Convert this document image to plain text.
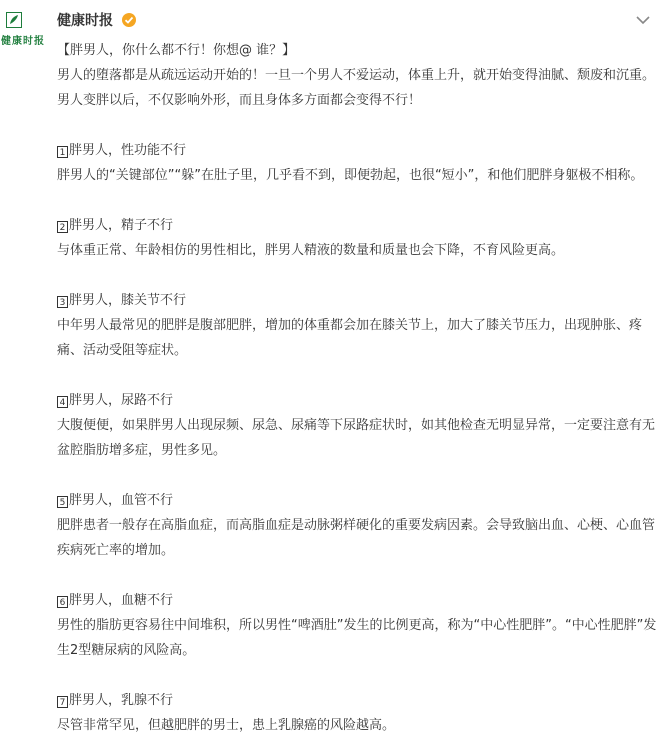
健康时报
健康时报

【胖男人，你什么都不行！你想@ 谁？】

男人的堕落都是从疏远运动开始的！一旦一个男人不爱运动，体重上升，就开始变得油腻、颓废和沉重。男人变胖以后，不仅影响外形，而且身体多方面都会变得不行！

1 胖男人，性功能不行

胖男人的“关键部位”“躲”在肚子里，几乎看不到，即便勃起，也很“短小”，和他们肥胖身躯极不相称。

2 胖男人，精子不行

与体重正常、年龄相仿的男性相比，胖男人精液的数量和质量也会下降，不育风险更高。

3 胖男人，膝关节不行

中年男人最常见的肥胖是腹部肥胖，增加的体重都会加在膝关节上，加大了膝关节压力，出现肿胀、疼痛、活动受阻等症状。

4 胖男人，尿路不行

大腹便便，如果胖男人出现尿频、尿急、尿痛等下尿路症状时，如其他检查无明显异常，一定要注意有无盆腔脂肪增多症，男性多见。

5 胖男人，血管不行

肥胖患者一般存在高脂血症，而高脂血症是动脉粥样硬化的重要发病因素。会导致脑出血、心梗、心血管疾病死亡率的增加。

6 胖男人，血糖不行

男性的脂肪更容易往中间堆积，所以男性“啤酒肚”发生的比例更高，称为“中心性肥胖”。“中心性肥胖”发生2型糖尿病的风险高。

7 胖男人，乳腺不行

尽管非常罕见，但越肥胖的男士，患上乳腺癌的风险越高。
